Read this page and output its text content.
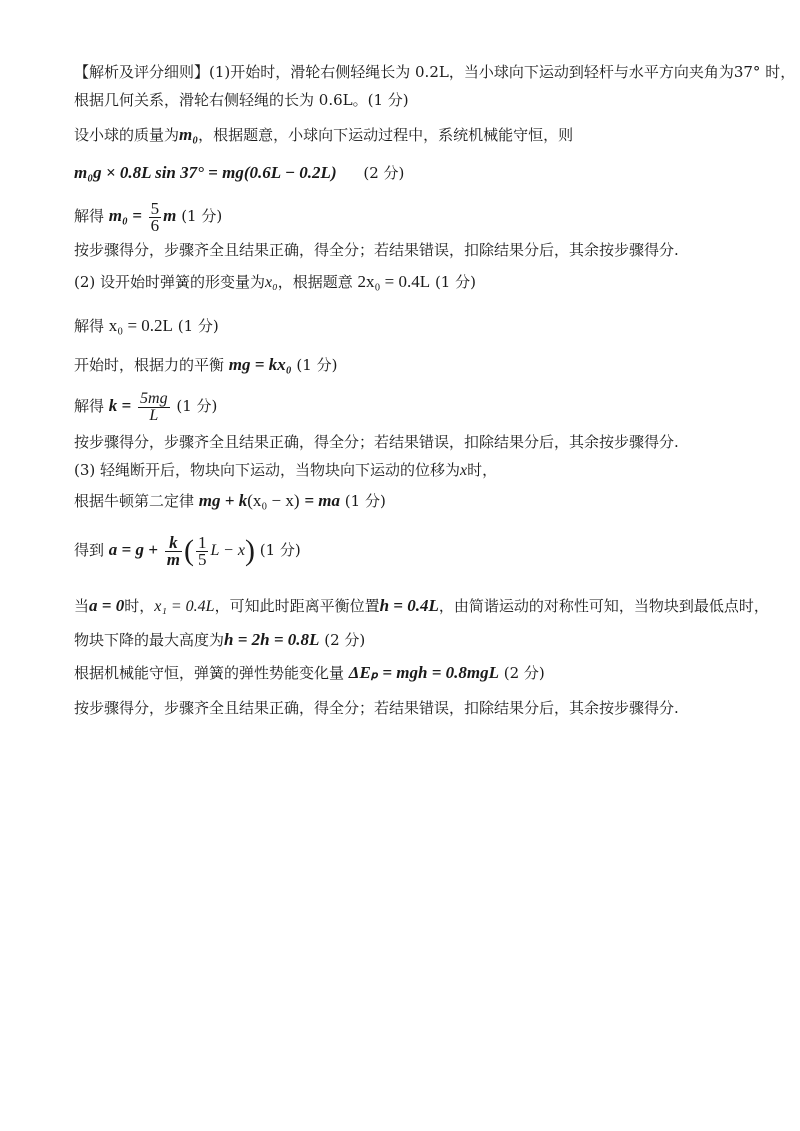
【解析及评分细则】(1)开始时，滑轮右侧轻绳长为 0.2L，当小球向下运动到轻杆与水平方向夹角为37° 时，
根据几何关系，滑轮右侧轻绳的长为 0.6L。(1 分)
设小球的质量为m₀，根据题意，小球向下运动过程中，系统机械能守恒，则
m₀g × 0.8L sin 37° = mg(0.6L − 0.2L) (2 分)
解得 $m_0 = \frac{5}{6}$ m (1 分)
按步骤得分，步骤齐全且结果正确，得全分；若结果错误，扣除结果分后，其余按步骤得分.
(2) 设开始时弹簧的形变量为x₀，根据题意 2x₀ = 0.4L (1 分)
解得 x₀ = 0.2L (1 分)
开始时，根据力的平衡 mg = kx₀ (1 分)
解得 $k = \frac{5mg}{L} (1$ 分)
按步骤得分，步骤齐全且结果正确，得全分；若结果错误，扣除结果分后，其余按步骤得分.
(3) 轻绳断开后，物块向下运动，当物块向下运动的位移为x时，
根据牛顿第二定律 mg + k(x₀ − x) = ma (1 分)
得到 $a = g + \frac{k}{m}$ ( $\frac{1}{5}$ L − x) (1 分)
当a = 0时，x₁ = 0.4L，可知此时距离平衡位置h = 0.4L，由简谐运动的对称性可知，当物块到最低点时，
物块下降的最大高度为h = 2h = 0.8L (2 分)
根据机械能守恒，弹簧的弹性势能变化量 ΔEₚ = mgh = 0.8mgL (2 分)
按步骤得分，步骤齐全且结果正确，得全分；若结果错误，扣除结果分后，其余按步骤得分.
